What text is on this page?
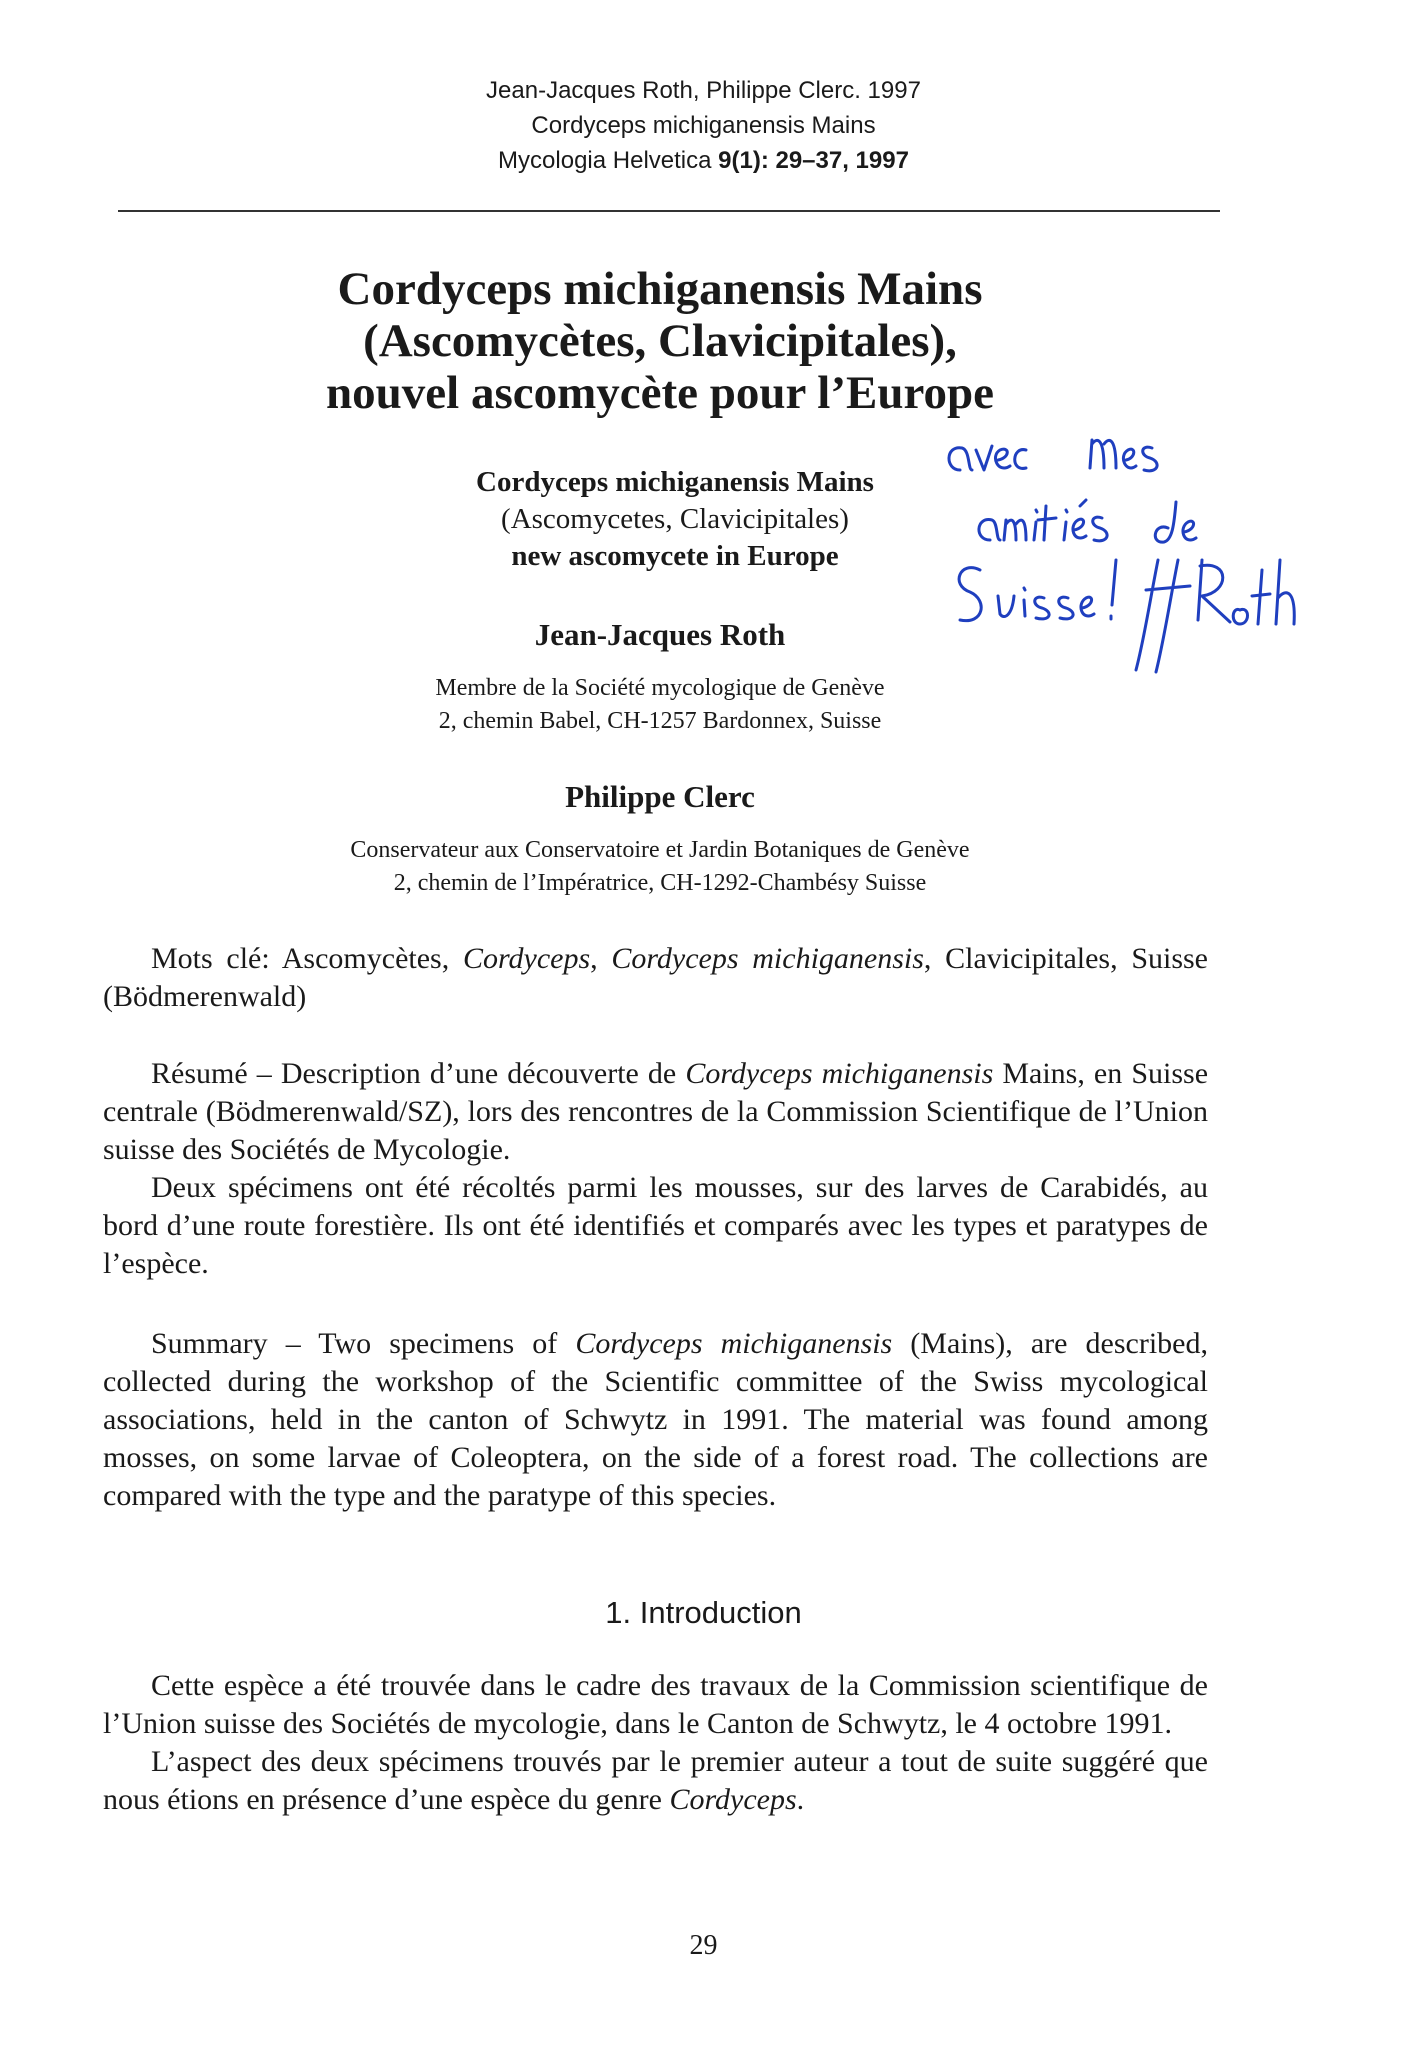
Jean-Jacques Roth, Philippe Clerc. 1997
Cordyceps michiganensis Mains
Mycologia Helvetica 9(1): 29–37, 1997
Cordyceps michiganensis Mains
(Ascomycètes, Clavicipitales),
nouvel ascomycète pour l’Europe
Cordyceps michiganensis Mains
(Ascomycetes, Clavicipitales)
new ascomycete in Europe
Jean-Jacques Roth
Membre de la Société mycologique de Genève
2, chemin Babel, CH-1257 Bardonnex, Suisse
Philippe Clerc
Conservateur aux Conservatoire et Jardin Botaniques de Genève
2, chemin de l’Impératrice, CH-1292-Chambésy Suisse

Mots clé: Ascomycètes, Cordyceps, Cordyceps michiganensis, Clavicipitales, Suisse (Bödmerenwald)

Résumé – Description d’une découverte de Cordyceps michiganensis Mains, en Suisse centrale (Bödmerenwald/SZ), lors des rencontres de la Commission Scientifique de l’Union suisse des Sociétés de Mycologie.

Deux spécimens ont été récoltés parmi les mousses, sur des larves de Carabidés, au bord d’une route forestière. Ils ont été identifiés et comparés avec les types et paratypes de l’espèce.

Summary – Two specimens of Cordyceps michiganensis (Mains), are described, collected during the workshop of the Scientific committee of the Swiss mycological associations, held in the canton of Schwytz in 1991. The material was found among mosses, on some larvae of Coleoptera, on the side of a forest road. The collections are compared with the type and the paratype of this species.

1. Introduction

Cette espèce a été trouvée dans le cadre des travaux de la Commission scientifique de l’Union suisse des Sociétés de mycologie, dans le Canton de Schwytz, le 4 octobre 1991.

L’aspect des deux spécimens trouvés par le premier auteur a tout de suite suggéré que nous étions en présence d’une espèce du genre Cordyceps.

29
